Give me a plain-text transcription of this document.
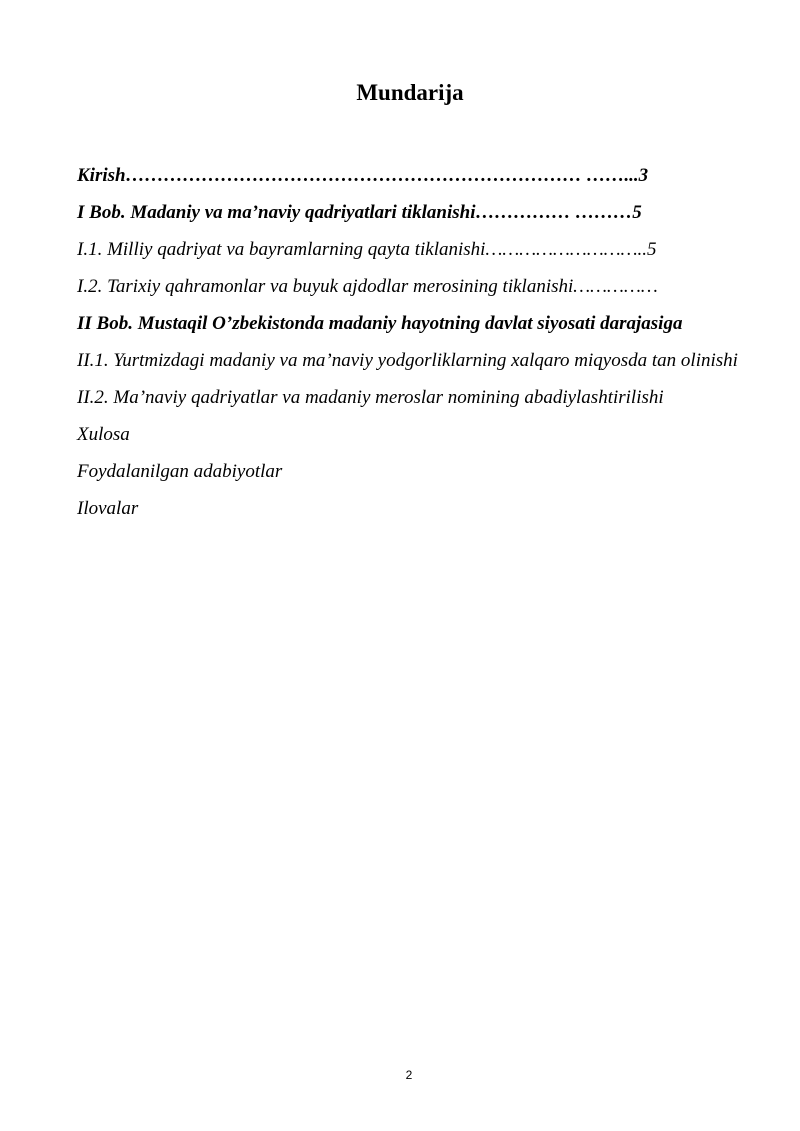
Mundarija
Kirish……………………………………………………………… ……...3
I Bob. Madaniy va ma’naviy qadriyatlari tiklanishi…………… ………5
I.1. Milliy qadriyat va bayramlarning qayta tiklanishi………………………..5
I.2. Tarixiy qahramonlar va buyuk ajdodlar merosining tiklanishi……………
II Bob. Mustaqil O’zbekistonda madaniy hayotning davlat siyosati darajasiga
II.1. Yurtmizdagi madaniy va ma’naviy yodgorliklarning xalqaro miqyosda tan olinishi
II.2. Ma’naviy qadriyatlar va madaniy meroslar nomining abadiylashtirilishi
Xulosa
Foydalanilgan adabiyotlar
Ilovalar
2
